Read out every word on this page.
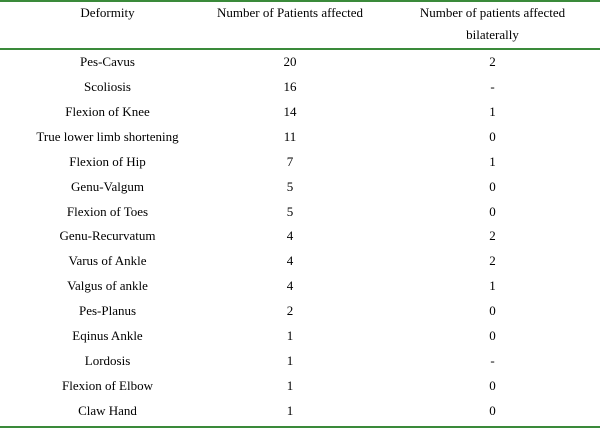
Deformity	Number of Patients affected	Number of patients affected
bilaterally
Pes-Cavus	20	2
Scoliosis	16	-
Flexion of Knee	14	1
True lower limb shortening	11	0
Flexion of Hip	7	1
Genu-Valgum	5	0
Flexion of Toes	5	0
Genu-Recurvatum	4	2
Varus of Ankle	4	2
Valgus of ankle	4	1
Pes-Planus	2	0
Eqinus Ankle	1	0
Lordosis	1	-
Flexion of Elbow	1	0
Claw Hand	1	0
